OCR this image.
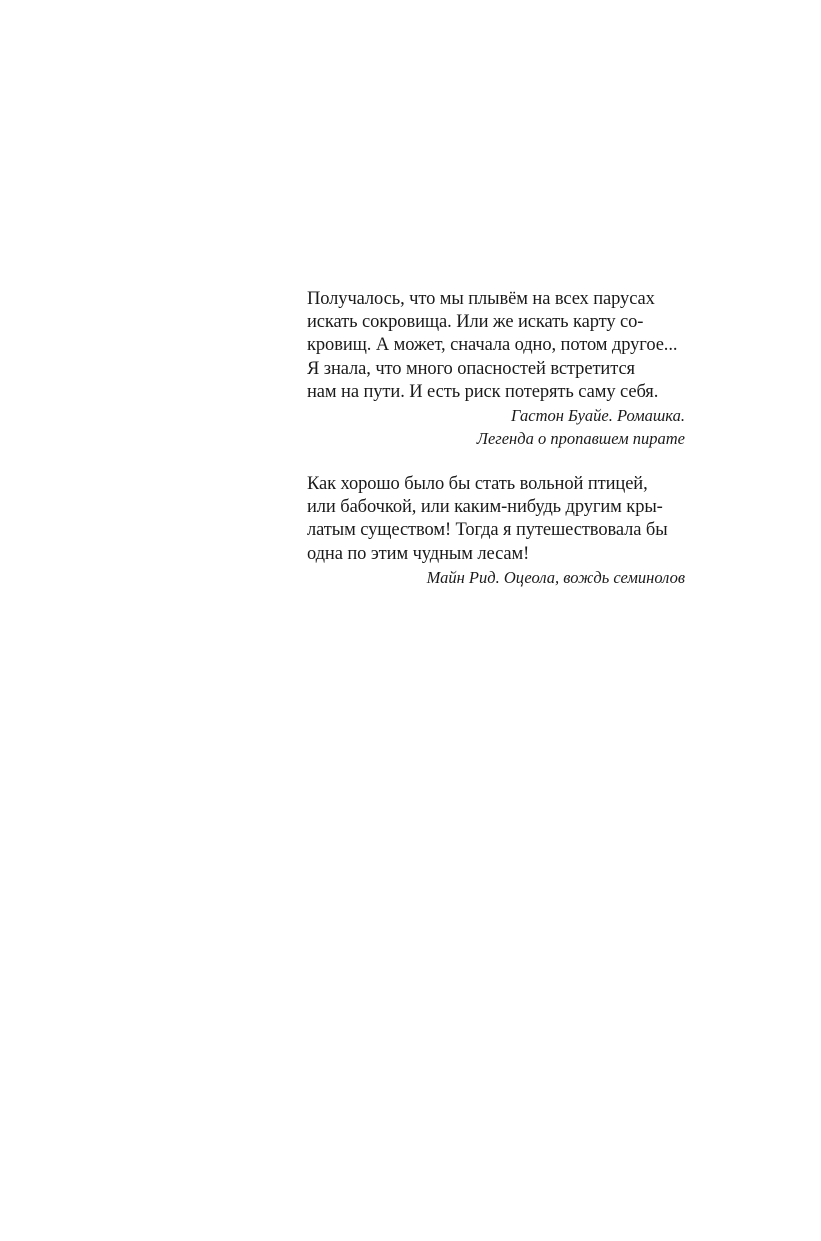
Получалось, что мы плывём на всех парусах
искать сокровища. Или же искать карту со-
кровищ. А может, сначала одно, потом другое...
Я знала, что много опасностей встретится
нам на пути. И есть риск потерять саму себя.
Гастон Буайе. Ромашка.
Легенда о пропавшем пирате
Как хорошо было бы стать вольной птицей,
или бабочкой, или каким-нибудь другим кры-
латым существом! Тогда я путешествовала бы
одна по этим чудным лесам!
Майн Рид. Оцеола, вождь семинолов
